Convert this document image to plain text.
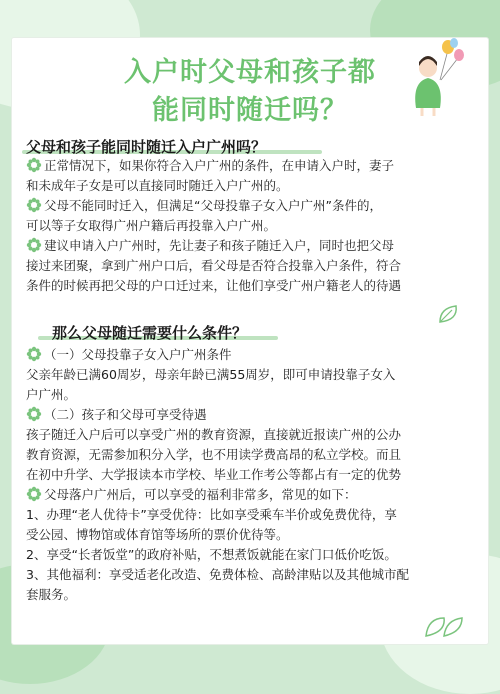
入户时父母和孩子都
能同时随迁吗？
父母和孩子能同时随迁入户广州吗？
正常情况下，如果你符合入户广州的条件，在申请入户时，妻子
和未成年子女是可以直接同时随迁入户广州的。
父母不能同时迁入，但满足“父母投靠子女入户广州”条件的，
可以等子女取得广州户籍后再投靠入户广州。
建议申请入户广州时，先让妻子和孩子随迁入户，同时也把父母
接过来团聚，拿到广州户口后，看父母是否符合投靠入户条件，符合
条件的时候再把父母的户口迁过来，让他们享受广州户籍老人的待遇
那么父母随迁需要什么条件？
（一）父母投靠子女入户广州条件
父亲年龄已满60周岁，母亲年龄已满55周岁，即可申请投靠子女入
户广州。
（二）孩子和父母可享受待遇
孩子随迁入户后可以享受广州的教育资源，直接就近报读广州的公办
教育资源，无需参加积分入学，也不用读学费高昂的私立学校。而且
在初中升学、大学报读本市学校、毕业工作考公等都占有一定的优势
父母落户广州后，可以享受的福利非常多，常见的如下：
1、办理“老人优待卡”享受优待：比如享受乘车半价或免费优待，享
受公园、博物馆或体育馆等场所的票价优待等。
2、享受“长者饭堂”的政府补贴，不想煮饭就能在家门口低价吃饭。
3、其他福利：享受适老化改造、免费体检、高龄津贴以及其他城市配
套服务。
